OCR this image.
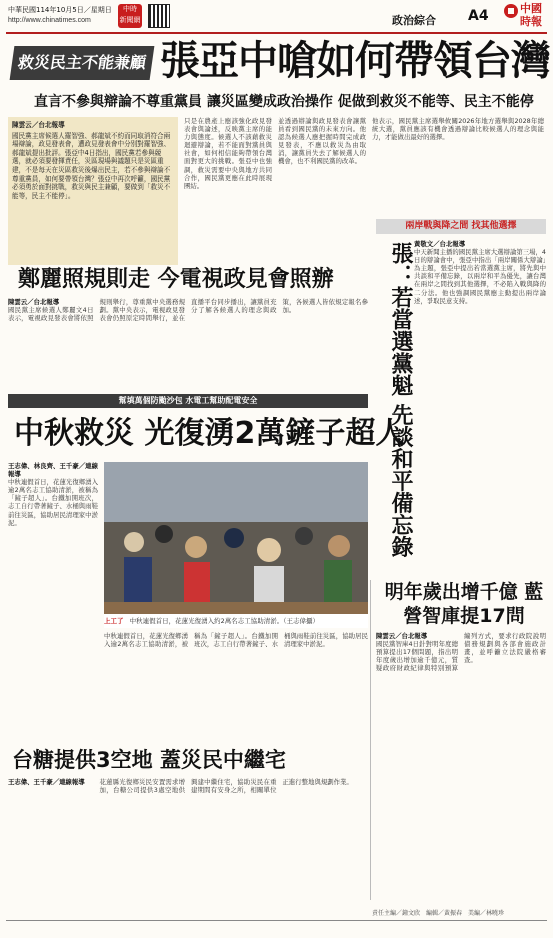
中華民國114年10月5日／星期日
http://www.chinatimes.com
中時
新聞網	政治綜合 A4	中國時報
救災民主不能兼顧 張亞中嗆如何帶領台灣
直言不參與辯論不尊重黨員 讓災區變成政治操作 促做到救災不能等、民主不能停
陳雲云／台北報導
國民黨主席候選人羅智強、郝龍斌不約而同取消符合兩場辯論，政見發表會，遭政見發表會中分別對羅智強、郝龍斌提出批評。張亞中4日指出，國民黨若參與競選，就必須要發揮責任，災區現場與議題只是災區重建，不是每天在災區救災後爆出民主，若不參與辯論不尊重黨員，如何要帶領台灣？張亞中再次呼籲，國民黨必須勇於面對挑戰，救災與民主兼顧，要做到「救災不能等，民主不能停」。
只是在農產上應該強化政見發表會與論述，反映黨主席的能力與態度。候選人不該藉救災迴避辯論，若不能面對黨員與社會，如何相信能夠帶領台灣面對更大的挑戰。張亞中也強調，救災需要中央與地方共同合作，國民黨更應在此時展現團結。
並透過辯論與政見發表會讓黨員看到國民黨的未來方向。他認為候選人應把握時間完成政見發表，不應以救災為由取消，讓黨員失去了解候選人的機會，也不利國民黨的改革。
他表示，國民黨主席選舉攸關2026年地方選舉與2028年總統大選，黨員應該有機會透過辯論比較候選人的理念與能力，才能做出最好的選擇。
鄭麗照規則走 今電視政見會照辦
陳雲云／台北報導
國民黨主席候選人鄭麗文4日表示，電視政見發表會將依照規則舉行，尊重黨中央選務規劃。黨中央表示，電視政見發表會仍照原定時間舉行，並在直播平台同步播出，讓黨員充分了解各候選人的理念與政策，各候選人皆依規定報名參加。
兩岸戰與降之間 找其他選擇
張：若當選黨魁 先談和平備忘錄 黃敬文／台北報導
中天新聞主播的國民黨主席大選辯論第三場，4日的辯論會中，張亞中指出「兩岸關係大辯論」為主題，張亞中提出若當選黨主席，將先與中共談和平備忘錄，以兩岸和平為優先，讓台灣在兩岸之間找到其他選擇，不必陷入戰與降的二分法。他也強調國民黨應主動提出兩岸論述，爭取民意支持。
幫填萬個防颱沙包 水電工幫助配電安全
中秋救災 光復湧2萬鏟子超人
王志偉、林良齊、王千豪／連線報導
中秋連假首日，花蓮光復鄉湧入逾2萬名志工協助清淤，被稱為「鏟子超人」。台鐵加開班次，志工自行帶著鏟子、水桶與雨鞋前往災區，協助居民清理家中淤泥。
上工了 中秋連假首日，花蓮光復湧入約2萬名志工協助清淤。（王志偉攝）
中秋連假首日，花蓮光復鄉湧入逾2萬名志工協助清淤，被稱為「鏟子超人」。台鐵加開班次，志工自行帶著鏟子、水桶與雨鞋前往災區，協助居民清理家中淤泥。
台糖提供3空地 蓋災民中繼宅
王志偉、王千豪／連線報導	花蓮縣光復鄉災民安置需求增加，台糖公司提供3處空地供興建中繼住宅，協助災民在重建期間有安身之所，相關單位正進行整地與規劃作業。
明年歲出增千億 藍營智庫提17問
陳雲云／台北報導
國民黨智庫4日針對明年度總預算提出17個問題，指出明年度歲出增加逾千億元，質疑政府財政紀律與特別預算編列方式，要求行政院說明債務規劃與各部會施政計畫，並呼籲立法院嚴格審查。
責任主編／鐘文欣　編輯／黃振春　美編／林曉珍
